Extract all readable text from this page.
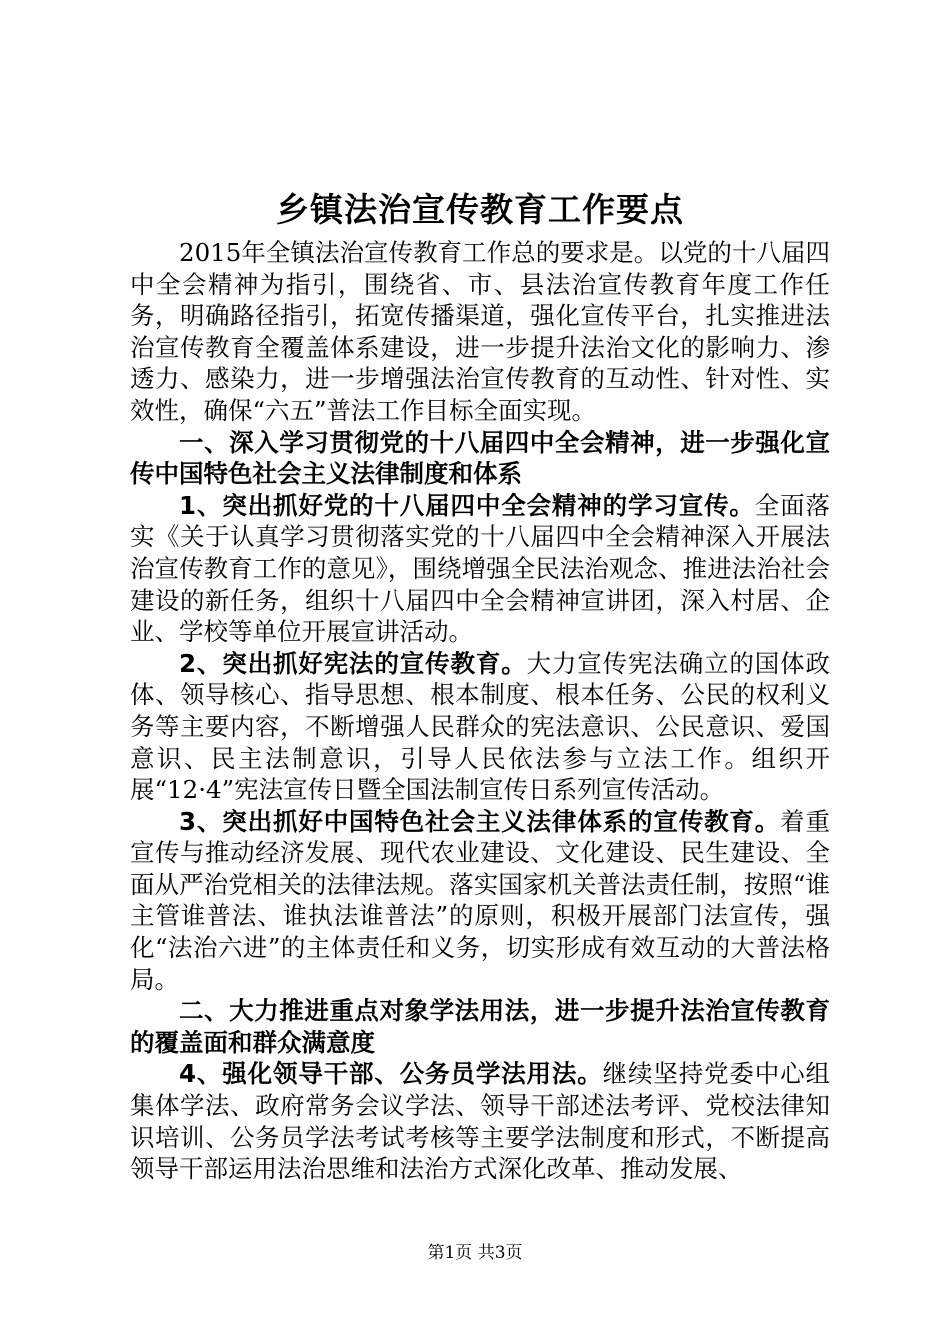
乡镇法治宣传教育工作要点

2015年全镇法治宣传教育工作总的要求是。以党的十八届四中全会精神为指引，围绕省、市、县法治宣传教育年度工作任务，明确路径指引，拓宽传播渠道，强化宣传平台，扎实推进法治宣传教育全覆盖体系建设，进一步提升法治文化的影响力、渗透力、感染力，进一步增强法治宣传教育的互动性、针对性、实效性，确保“六五”普法工作目标全面实现。

一、深入学习贯彻党的十八届四中全会精神，进一步强化宣传中国特色社会主义法律制度和体系

1、突出抓好党的十八届四中全会精神的学习宣传。全面落实《关于认真学习贯彻落实党的十八届四中全会精神深入开展法治宣传教育工作的意见》，围绕增强全民法治观念、推进法治社会建设的新任务，组织十八届四中全会精神宣讲团，深入村居、企业、学校等单位开展宣讲活动。

2、突出抓好宪法的宣传教育。大力宣传宪法确立的国体政体、领导核心、指导思想、根本制度、根本任务、公民的权利义务等主要内容，不断增强人民群众的宪法意识、公民意识、爱国意识、民主法制意识，引导人民依法参与立法工作。组织开展“12·4”宪法宣传日暨全国法制宣传日系列宣传活动。

3、突出抓好中国特色社会主义法律体系的宣传教育。着重宣传与推动经济发展、现代农业建设、文化建设、民生建设、全面从严治党相关的法律法规。落实国家机关普法责任制，按照“谁主管谁普法、谁执法谁普法”的原则，积极开展部门法宣传，强化“法治六进”的主体责任和义务，切实形成有效互动的大普法格局。

二、大力推进重点对象学法用法，进一步提升法治宣传教育的覆盖面和群众满意度

4、强化领导干部、公务员学法用法。继续坚持党委中心组集体学法、政府常务会议学法、领导干部述法考评、党校法律知识培训、公务员学法考试考核等主要学法制度和形式，不断提高领导干部运用法治思维和法治方式深化改革、推动发展、

第1页 共3页
